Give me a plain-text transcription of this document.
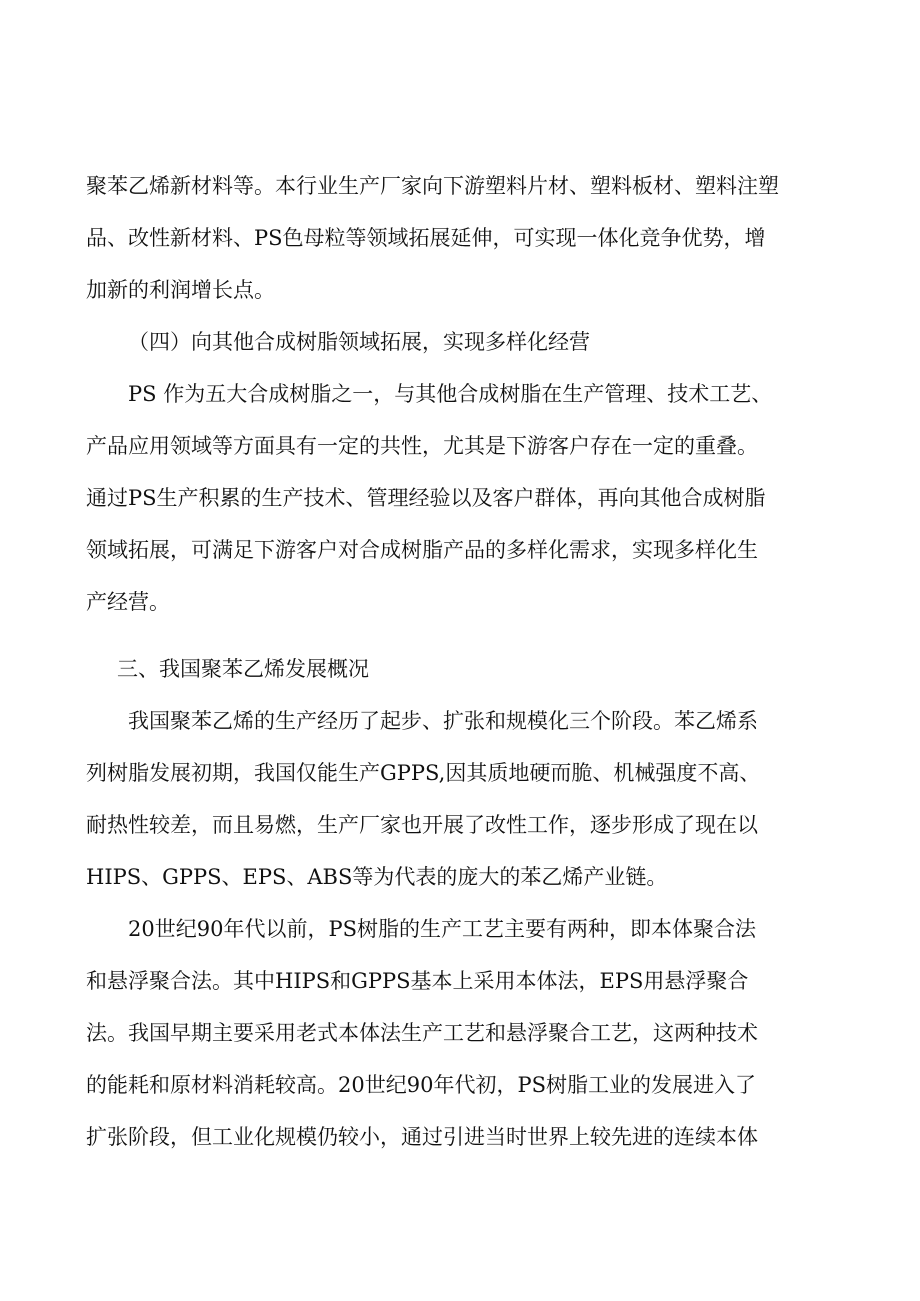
聚苯乙烯新材料等。本行业生产厂家向下游塑料片材、塑料板材、塑料注塑
品、改性新材料、PS色母粒等领域拓展延伸，可实现一体化竞争优势，增
加新的利润增长点。
（四）向其他合成树脂领域拓展，实现多样化经营
PS 作为五大合成树脂之一，与其他合成树脂在生产管理、技术工艺、
产品应用领域等方面具有一定的共性，尤其是下游客户存在一定的重叠。
通过PS生产积累的生产技术、管理经验以及客户群体，再向其他合成树脂
领域拓展，可满足下游客户对合成树脂产品的多样化需求，实现多样化生
产经营。
三、我国聚苯乙烯发展概况
我国聚苯乙烯的生产经历了起步、扩张和规模化三个阶段。苯乙烯系
列树脂发展初期，我国仅能生产GPPS,因其质地硬而脆、机械强度不高、
耐热性较差，而且易燃，生产厂家也开展了改性工作，逐步形成了现在以
HIPS、GPPS、EPS、ABS等为代表的庞大的苯乙烯产业链。
20世纪90年代以前，PS树脂的生产工艺主要有两种，即本体聚合法
和悬浮聚合法。其中HIPS和GPPS基本上采用本体法，EPS用悬浮聚合
法。我国早期主要采用老式本体法生产工艺和悬浮聚合工艺，这两种技术
的能耗和原材料消耗较高。20世纪90年代初，PS树脂工业的发展进入了
扩张阶段，但工业化规模仍较小，通过引进当时世界上较先进的连续本体
